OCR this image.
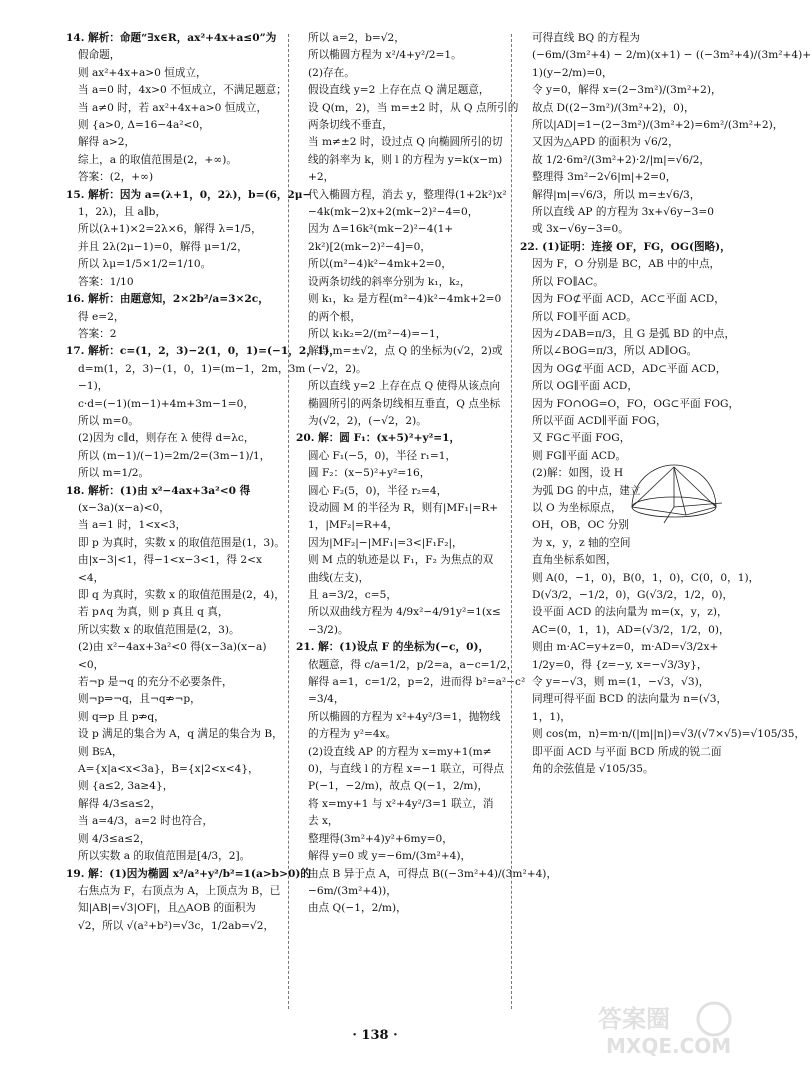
14. 解析：命题“∃x∈R，ax²+4x+a≤0”为
假命题，
则 ax²+4x+a>0 恒成立，
当 a=0 时，4x>0 不恒成立，不满足题意；
当 a≠0 时，若 ax²+4x+a>0 恒成立，
则 {a>0, Δ=16−4a²<0，
解得 a>2，
综上，a 的取值范围是(2，+∞)。
答案：(2，+∞)
15. 解析：因为 a=(λ+1，0，2λ)，b=(6，2μ−
1，2λ)，且 a∥b，
所以(λ+1)×2=2λ×6，解得 λ=1/5，
并且 2λ(2μ−1)=0，解得 μ=1/2，
所以 λμ=1/5×1/2=1/10。
答案：1/10
16. 解析：由题意知，2×2b²/a=3×2c，
得 e=2，
答案：2
17. 解析：c=(1，2，3)−2(1，0，1)=(−1，2，1)，
d=m(1，2，3)−(1，0，1)=(m−1，2m，3m
−1)，
c·d=(−1)(m−1)+4m+3m−1=0，
所以 m=0。
(2)因为 c∥d，则存在 λ 使得 d=λc，
所以 (m−1)/(−1)=2m/2=(3m−1)/1，
所以 m=1/2。
18. 解析：(1)由 x²−4ax+3a²<0 得
(x−3a)(x−a)<0，
当 a=1 时，1<x<3，
即 p 为真时，实数 x 的取值范围是(1，3)。
由|x−3|<1，得−1<x−3<1，得 2<x
<4，
即 q 为真时，实数 x 的取值范围是(2，4)，
若 p∧q 为真，则 p 真且 q 真，
所以实数 x 的取值范围是(2，3)。
(2)由 x²−4ax+3a²<0 得(x−3a)(x−a)
<0，
若¬p 是¬q 的充分不必要条件，
则¬p⇒¬q，且¬q⇏¬p，
则 q⇒p 且 p⇏q，
设 p 满足的集合为 A，q 满足的集合为 B，
则 B⫋A，
A={x|a<x<3a}，B={x|2<x<4}，
则 {a≤2, 3a≥4}，
解得 4/3≤a≤2，
当 a=4/3，a=2 时也符合，
则 4/3≤a≤2，
所以实数 a 的取值范围是[4/3，2]。
19. 解：(1)因为椭圆 x²/a²+y²/b²=1(a>b>0)的
右焦点为 F，右顶点为 A，上顶点为 B，已
知|AB|=√3|OF|，且△AOB 的面积为
√2，所以 √(a²+b²)=√3c，1/2ab=√2，
所以 a=2，b=√2，
所以椭圆方程为 x²/4+y²/2=1。
(2)存在。
假设直线 y=2 上存在点 Q 满足题意，
设 Q(m，2)，当 m=±2 时，从 Q 点所引的
两条切线不垂直，
当 m≠±2 时，设过点 Q 向椭圆所引的切
线的斜率为 k，则 l 的方程为 y=k(x−m)
+2，
代入椭圆方程，消去 y，整理得(1+2k²)x²
−4k(mk−2)x+2(mk−2)²−4=0，
因为 Δ=16k²(mk−2)²−4(1+
2k²)[2(mk−2)²−4]=0，
所以(m²−4)k²−4mk+2=0，
设两条切线的斜率分别为 k₁，k₂，
则 k₁，k₂ 是方程(m²−4)k²−4mk+2=0
的两个根，
所以 k₁k₂=2/(m²−4)=−1，
解得 m=±√2，点 Q 的坐标为(√2，2)或
(−√2，2)。
所以直线 y=2 上存在点 Q 使得从该点向
椭圆所引的两条切线相互垂直，Q 点坐标
为(√2，2)，(−√2，2)。
20. 解：圆 F₁：(x+5)²+y²=1，
圆心 F₁(−5，0)，半径 r₁=1，
圆 F₂：(x−5)²+y²=16，
圆心 F₂(5，0)，半径 r₂=4，
设动圆 M 的半径为 R，则有|MF₁|=R+
1，|MF₂|=R+4，
因为|MF₂|−|MF₁|=3<|F₁F₂|，
则 M 点的轨迹是以 F₁，F₂ 为焦点的双
曲线(左支)，
且 a=3/2，c=5，
所以双曲线方程为 4/9x²−4/91y²=1(x≤
−3/2)。
21. 解：(1)设点 F 的坐标为(−c，0)，
依题意，得 c/a=1/2，p/2=a，a−c=1/2，
解得 a=1，c=1/2，p=2，进而得 b²=a²−c²
=3/4，
所以椭圆的方程为 x²+4y²/3=1，抛物线
的方程为 y²=4x。
(2)设直线 AP 的方程为 x=my+1(m≠
0)，与直线 l 的方程 x=−1 联立，可得点
P(−1，−2/m)，故点 Q(−1，2/m)，
将 x=my+1 与 x²+4y²/3=1 联立，消
去 x，
整理得(3m²+4)y²+6my=0，
解得 y=0 或 y=−6m/(3m²+4)，
由点 B 异于点 A，可得点 B((−3m²+4)/(3m²+4)，
−6m/(3m²+4))，
由点 Q(−1，2/m)，
可得直线 BQ 的方程为
(−6m/(3m²+4) − 2/m)(x+1) − ((−3m²+4)/(3m²+4)+
1)(y−2/m)=0，
令 y=0，解得 x=(2−3m²)/(3m²+2)，
故点 D((2−3m²)/(3m²+2)，0)，
所以|AD|=1−(2−3m²)/(3m²+2)=6m²/(3m²+2)，
又因为△APD 的面积为 √6/2，
故 1/2·6m²/(3m²+2)·2/|m|=√6/2，
整理得 3m²−2√6|m|+2=0，
解得|m|=√6/3，所以 m=±√6/3，
所以直线 AP 的方程为 3x+√6y−3=0
或 3x−√6y−3=0。
22. (1)证明：连接 OF，FG，OG(图略)，
因为 F，O 分别是 BC，AB 中的中点，
所以 FO∥AC。
因为 FO⊄平面 ACD，AC⊂平面 ACD，
所以 FO∥平面 ACD。
因为∠DAB=π/3，且 G 是弧 BD 的中点，
所以∠BOG=π/3，所以 AD∥OG。
因为 OG⊄平面 ACD，AD⊂平面 ACD，
所以 OG∥平面 ACD，
因为 FO∩OG=O，FO，OG⊂平面 FOG，
所以平面 ACD∥平面 FOG，
又 FG⊂平面 FOG，
则 FG∥平面 ACD。
(2)解：如图，设 H
为弧 DG 的中点，建立
以 O 为坐标原点，
OH，OB，OC 分别
为 x，y，z 轴的空间
直角坐标系如图，
则 A(0，−1，0)，B(0，1，0)，C(0，0，1)，
D(√3/2，−1/2，0)，G(√3/2，1/2，0)，
设平面 ACD 的法向量为 m=(x，y，z)，
AC=(0，1，1)，AD=(√3/2，1/2，0)，
则由 m·AC=y+z=0，m·AD=√3/2x+
1/2y=0，得 {z=−y, x=−√3/3y}，
令 y=−√3，则 m=(1，−√3，√3)，
同理可得平面 BCD 的法向量为 n=(√3，
1，1)，
则 cos⟨m，n⟩=m·n/(|m||n|)=√3/(√7×√5)=√105/35，
即平面 ACD 与平面 BCD 所成的锐二面
角的余弦值是 √105/35。
· 138 ·
答案圈
MXQE.COM
